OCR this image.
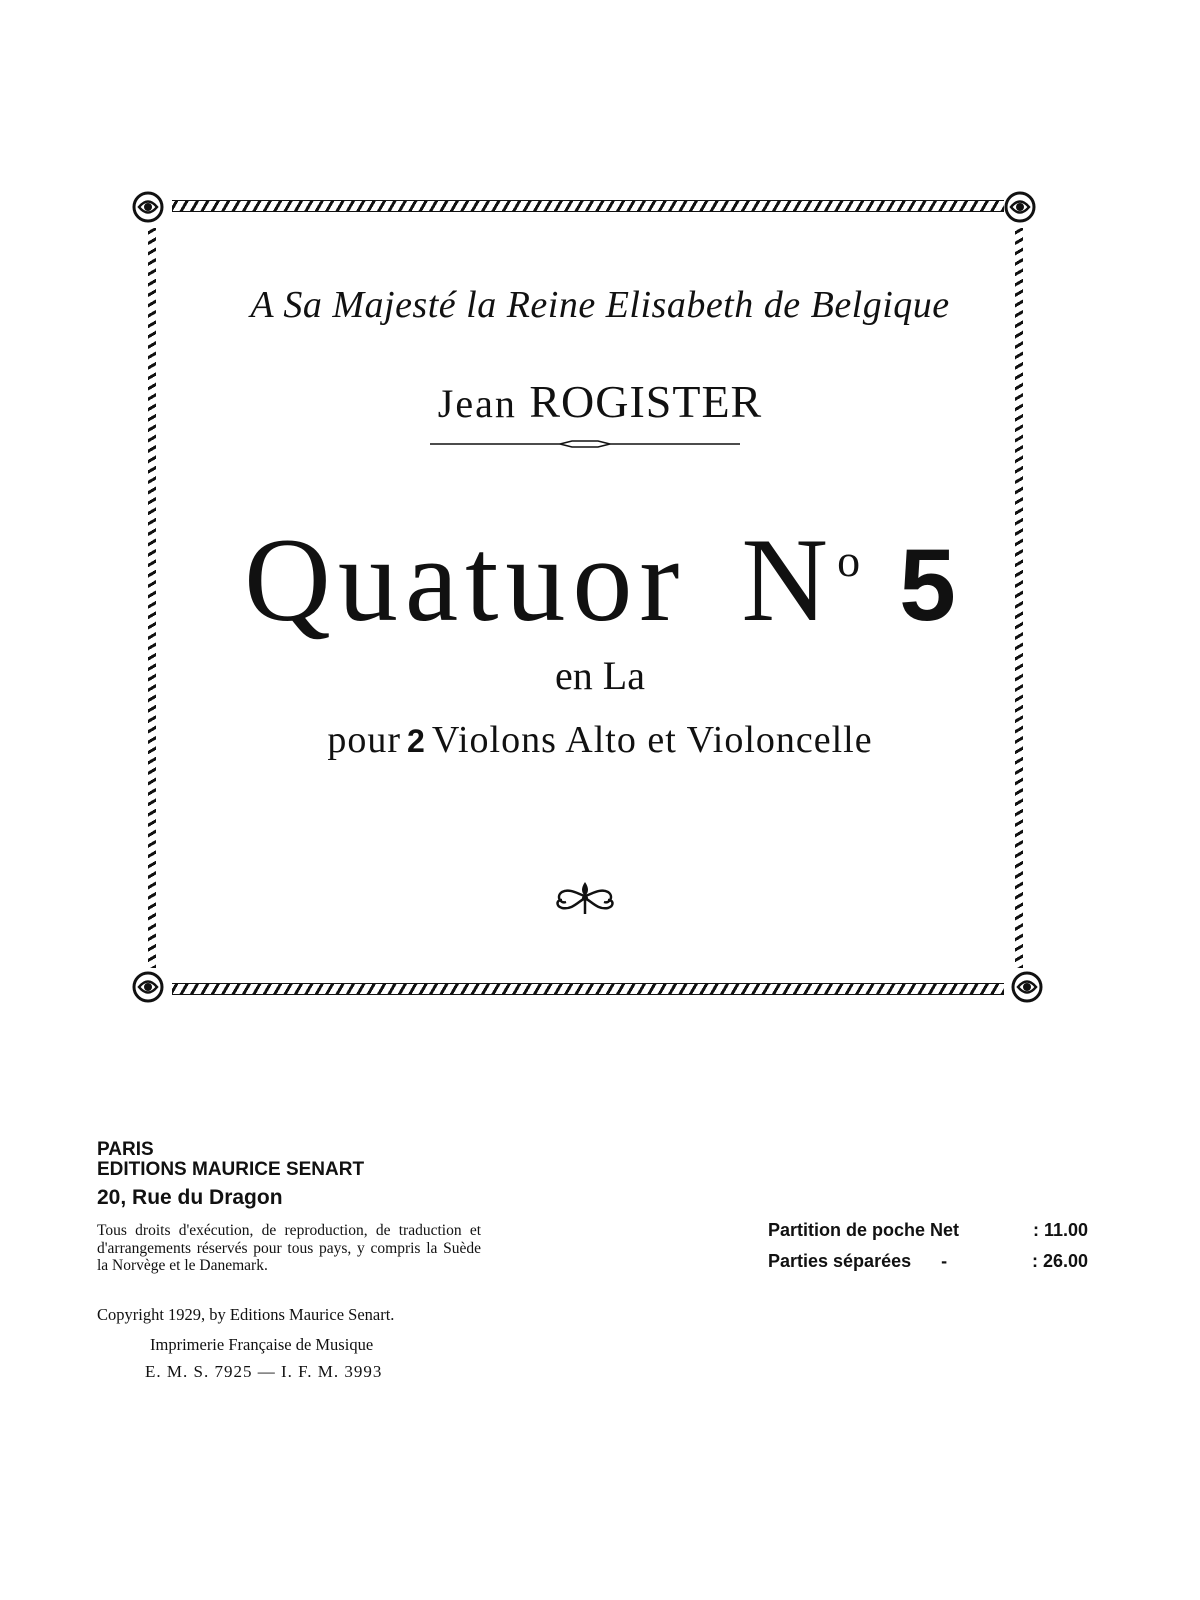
A Sa Majesté la Reine Elisabeth de Belgique
Jean ROGISTER
Quatuor $N^o$ 5
en La
pour 2 Violons Alto et Violoncelle
PARIS
EDITIONS MAURICE SENART
20, Rue du Dragon
Tous droits d'exécution, de reproduction, de traduction et d'arrangements réservés pour tous pays, y compris la Suède la Norvège et le Danemark.
Copyright 1929, by Editions Maurice Senart.
Imprimerie Française de Musique
E. M. S. 7925 — I. F. M. 3993
Partition de poche Net	: 11.00
Parties séparées      -	: 26.00
